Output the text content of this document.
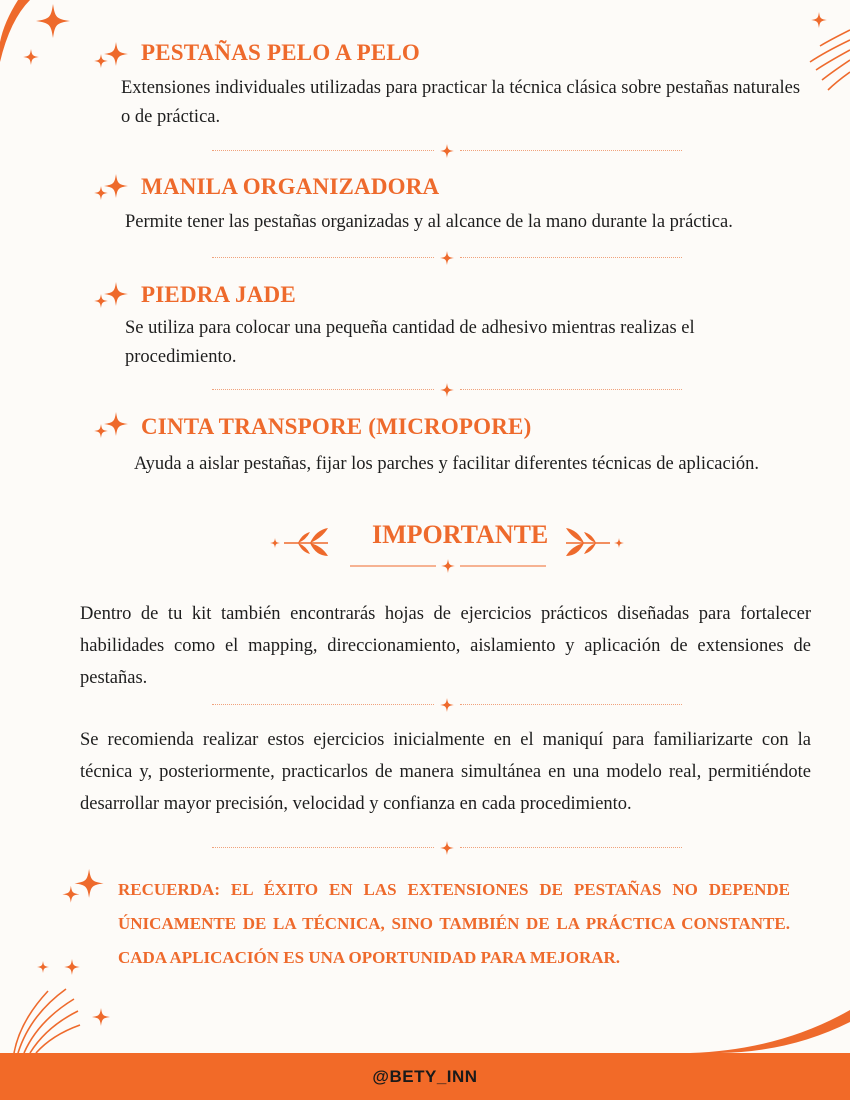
PESTAÑAS PELO A PELO
Extensiones individuales utilizadas para practicar la técnica clásica sobre pestañas naturales o de práctica.
MANILA ORGANIZADORA
Permite tener las pestañas organizadas y al alcance de la mano durante la práctica.
PIEDRA JADE
Se utiliza para colocar una pequeña cantidad de adhesivo mientras realizas el procedimiento.
CINTA TRANSPORE (MICROPORE)
Ayuda a aislar pestañas, fijar los parches y facilitar diferentes técnicas de aplicación.
IMPORTANTE
Dentro de tu kit también encontrarás hojas de ejercicios prácticos diseñadas para fortalecer habilidades como el mapping, direccionamiento, aislamiento y aplicación de extensiones de pestañas.
Se recomienda realizar estos ejercicios inicialmente en el maniquí para familiarizarte con la técnica y, posteriormente, practicarlos de manera simultánea en una modelo real, permitiéndote desarrollar mayor precisión, velocidad y confianza en cada procedimiento.
RECUERDA: EL ÉXITO EN LAS EXTENSIONES DE PESTAÑAS NO DEPENDE ÚNICAMENTE DE LA TÉCNICA, SINO TAMBIÉN DE LA PRÁCTICA CONSTANTE. CADA APLICACIÓN ES UNA OPORTUNIDAD PARA MEJORAR.
@BETY_INN
